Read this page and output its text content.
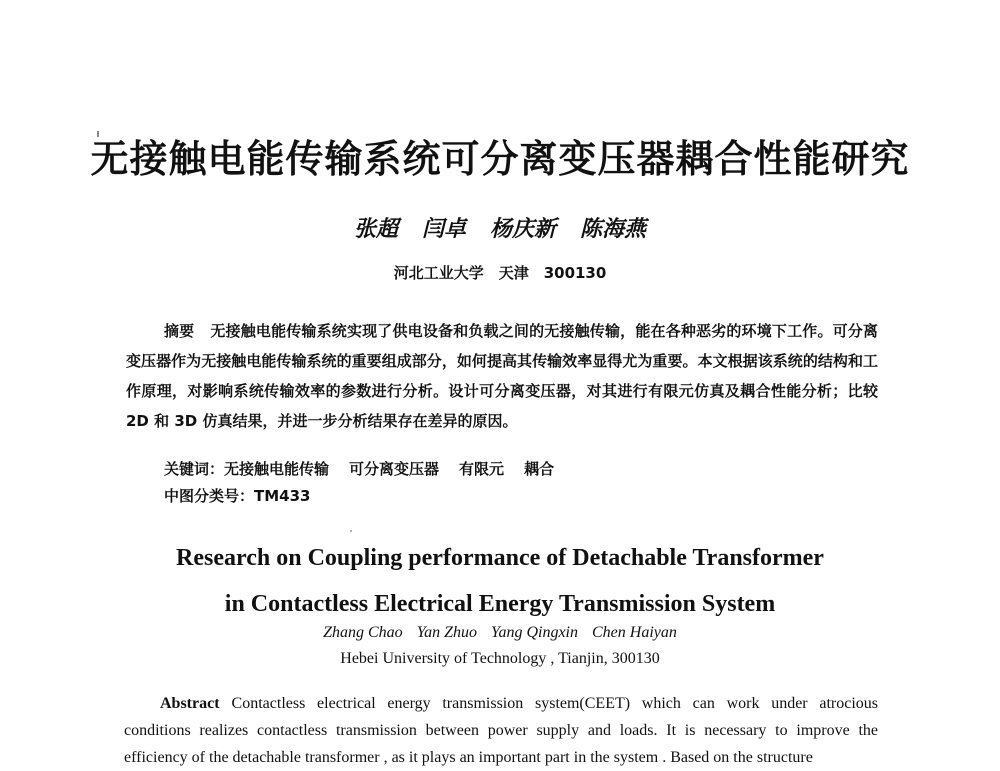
无接触电能传输系统可分离变压器耦合性能研究
张超 闫卓 杨庆新 陈海燕
河北工业大学　天津　300130
摘要 无接触电能传输系统实现了供电设备和负载之间的无接触传输，能在各种恶劣的环境下工作。可分离变压器作为无接触电能传输系统的重要组成部分，如何提高其传输效率显得尤为重要。本文根据该系统的结构和工作原理，对影响系统传输效率的参数进行分析。设计可分离变压器，对其进行有限元仿真及耦合性能分析；比较 2D 和 3D 仿真结果，并进一步分析结果存在差异的原因。
关键词：无接触电能传输 可分离变压器 有限元 耦合
中图分类号：TM433
Research on Coupling performance of Detachable Transformer
in Contactless Electrical Energy Transmission System
Zhang Chao Yan Zhuo Yang Qingxin Chen Haiyan
Hebei University of Technology , Tianjin, 300130
Abstract Contactless electrical energy transmission system(CEET) which can work under atrocious conditions realizes contactless transmission between power supply and loads. It is necessary to improve the efficiency of the detachable transformer , as it plays an important part in the system . Based on the structure
